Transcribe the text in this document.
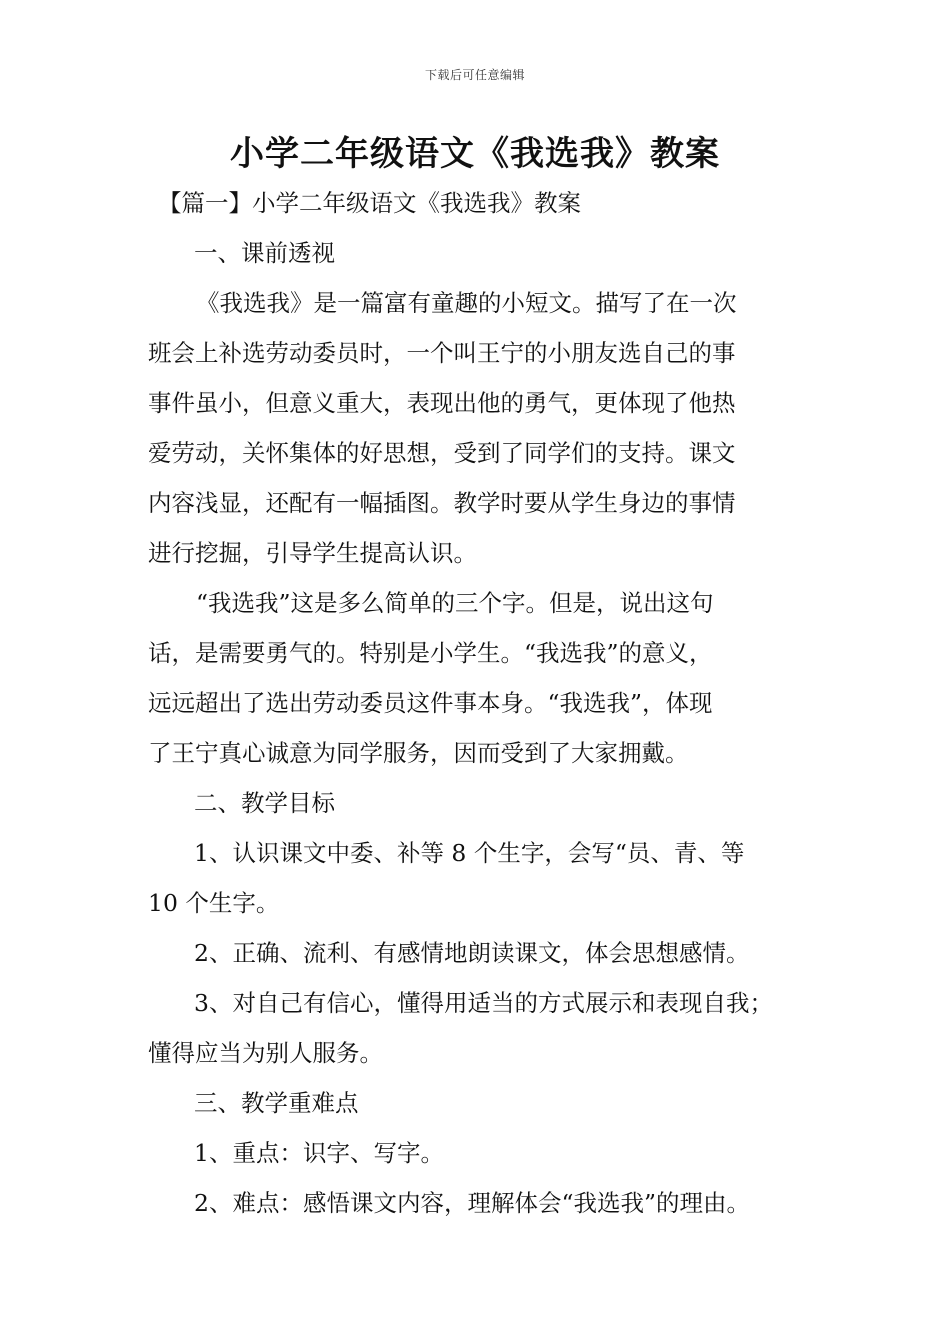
下载后可任意编辑
小学二年级语文《我选我》教案
【篇一】小学二年级语文《我选我》教案
一、课前透视
《我选我》是一篇富有童趣的小短文。描写了在一次
班会上补选劳动委员时，一个叫王宁的小朋友选自己的事
事件虽小，但意义重大，表现出他的勇气，更体现了他热
爱劳动，关怀集体的好思想，受到了同学们的支持。课文
内容浅显，还配有一幅插图。教学时要从学生身边的事情
进行挖掘，引导学生提高认识。
“我选我”这是多么简单的三个字。但是，说出这句
话，是需要勇气的。特别是小学生。“我选我”的意义，
远远超出了选出劳动委员这件事本身。“我选我”，体现
了王宁真心诚意为同学服务，因而受到了大家拥戴。
二、教学目标
1、认识课文中委、补等 8 个生字，会写“员、青、等
10 个生字。
2、正确、流利、有感情地朗读课文，体会思想感情。
3、对自己有信心，懂得用适当的方式展示和表现自我；
懂得应当为别人服务。
三、教学重难点
1、重点：识字、写字。
2、难点：感悟课文内容，理解体会“我选我”的理由。
